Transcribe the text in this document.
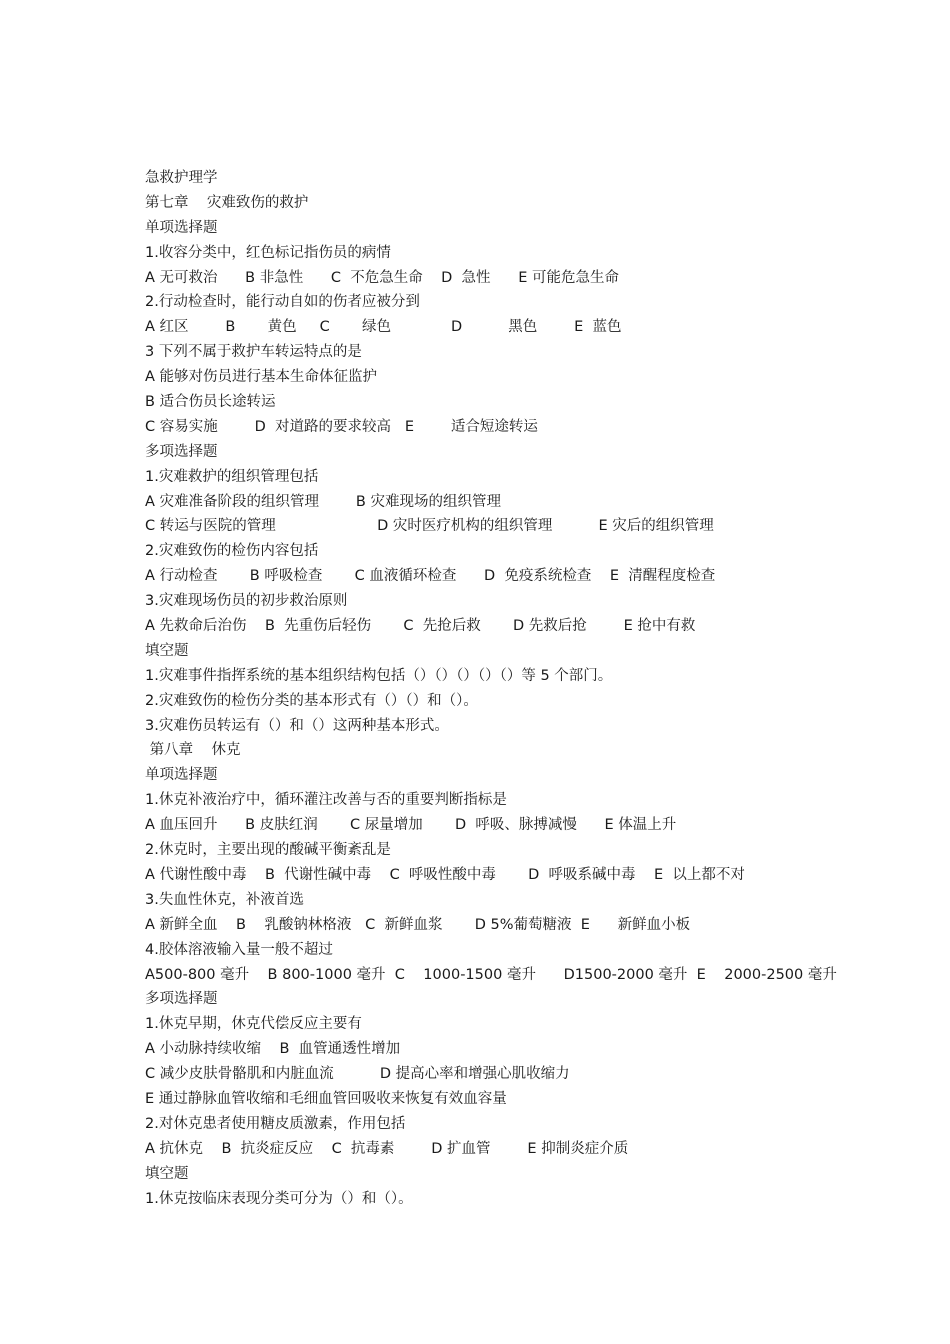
急救护理学
第七章    灾难致伤的救护
单项选择题
1.收容分类中，红色标记指伤员的病情
A 无可救治      B 非急性      C  不危急生命    D  急性      E 可能危急生命
2.行动检查时，能行动自如的伤者应被分到
A 红区        B       黄色     C       绿色             D          黑色        E  蓝色
3 下列不属于救护车转运特点的是
A 能够对伤员进行基本生命体征监护
B 适合伤员长途转运
C 容易实施        D  对道路的要求较高   E        适合短途转运
多项选择题
1.灾难救护的组织管理包括
A 灾难准备阶段的组织管理        B 灾难现场的组织管理
C 转运与医院的管理                      D 灾时医疗机构的组织管理          E 灾后的组织管理
2.灾难致伤的检伤内容包括
A 行动检查       B 呼吸检查       C 血液循环检查      D  免疫系统检查    E  清醒程度检查
3.灾难现场伤员的初步救治原则
A 先救命后治伤    B  先重伤后轻伤       C  先抢后救       D 先救后抢        E 抢中有救
填空题
1.灾难事件指挥系统的基本组织结构包括（）（）（）（）（）等 5 个部门。
2.灾难致伤的检伤分类的基本形式有（）（）和（）。
3.灾难伤员转运有（）和（）这两种基本形式。
第八章    休克
单项选择题
1.休克补液治疗中，循环灌注改善与否的重要判断指标是
A 血压回升      B 皮肤红润       C 尿量增加       D  呼吸、脉搏减慢      E 体温上升
2.休克时，主要出现的酸碱平衡紊乱是
A 代谢性酸中毒    B  代谢性碱中毒    C  呼吸性酸中毒       D  呼吸系碱中毒    E  以上都不对
3.失血性休克，补液首选
A 新鲜全血    B    乳酸钠林格液   C  新鲜血浆       D 5%葡萄糖液  E      新鲜血小板
4.胶体溶液输入量一般不超过
A500-800 毫升    B 800-1000 毫升  C    1000-1500 毫升      D1500-2000 毫升  E    2000-2500 毫升
多项选择题
1.休克早期，休克代偿反应主要有
A 小动脉持续收缩    B  血管通透性增加
C 减少皮肤骨骼肌和内脏血流          D 提高心率和增强心肌收缩力
E 通过静脉血管收缩和毛细血管回吸收来恢复有效血容量
2.对休克患者使用糖皮质激素，作用包括
A 抗休克    B  抗炎症反应    C  抗毒素        D 扩血管        E 抑制炎症介质
填空题
1.休克按临床表现分类可分为（）和（）。
